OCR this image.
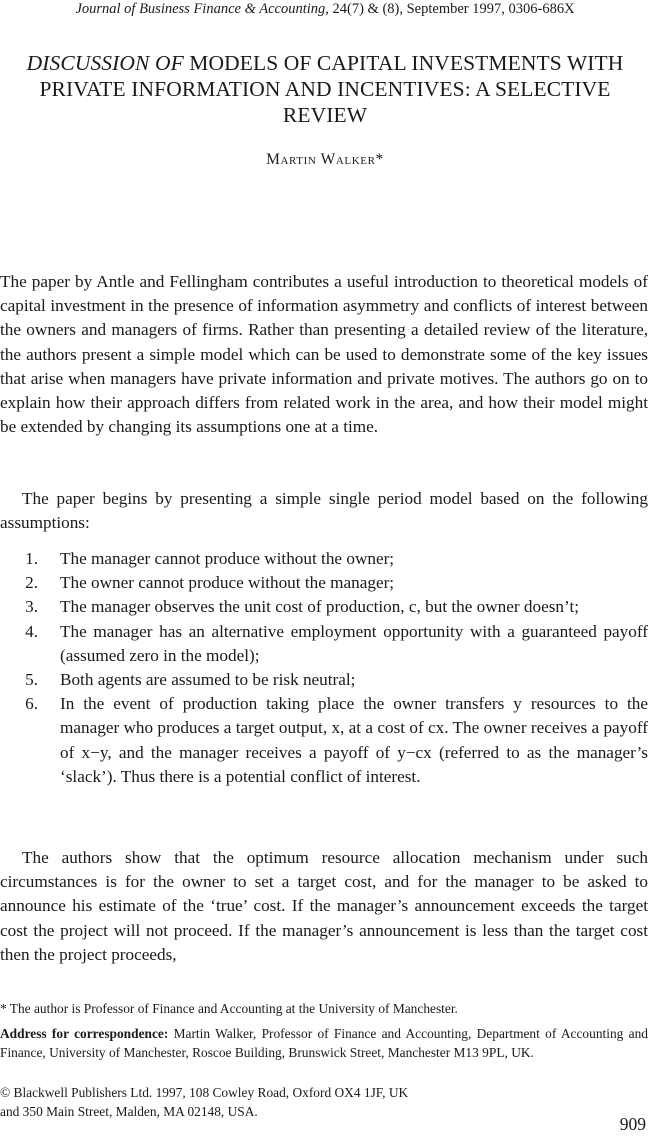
Journal of Business Finance & Accounting, 24(7) & (8), September 1997, 0306-686X
DISCUSSION OF MODELS OF CAPITAL INVESTMENTS WITH PRIVATE INFORMATION AND INCENTIVES: A SELECTIVE REVIEW
Martin Walker*
The paper by Antle and Fellingham contributes a useful introduction to theoretical models of capital investment in the presence of information asymmetry and conflicts of interest between the owners and managers of firms. Rather than presenting a detailed review of the literature, the authors present a simple model which can be used to demonstrate some of the key issues that arise when managers have private information and private motives. The authors go on to explain how their approach differs from related work in the area, and how their model might be extended by changing its assumptions one at a time.
The paper begins by presenting a simple single period model based on the following assumptions:
1.	The manager cannot produce without the owner;
2.	The owner cannot produce without the manager;
3.	The manager observes the unit cost of production, c, but the owner doesn’t;
4.	The manager has an alternative employment opportunity with a guaranteed payoff (assumed zero in the model);
5.	Both agents are assumed to be risk neutral;
6.	In the event of production taking place the owner transfers y resources to the manager who produces a target output, x, at a cost of cx. The owner receives a payoff of x−y, and the manager receives a payoff of y−cx (referred to as the manager’s ‘slack’). Thus there is a potential conflict of interest.
The authors show that the optimum resource allocation mechanism under such circumstances is for the owner to set a target cost, and for the manager to be asked to announce his estimate of the ‘true’ cost. If the manager’s announcement exceeds the target cost the project will not proceed. If the manager’s announcement is less than the target cost then the project proceeds,
* The author is Professor of Finance and Accounting at the University of Manchester.
Address for correspondence: Martin Walker, Professor of Finance and Accounting, Department of Accounting and Finance, University of Manchester, Roscoe Building, Brunswick Street, Manchester M13 9PL, UK.
© Blackwell Publishers Ltd. 1997, 108 Cowley Road, Oxford OX4 1JF, UK
and 350 Main Street, Malden, MA 02148, USA.
909
